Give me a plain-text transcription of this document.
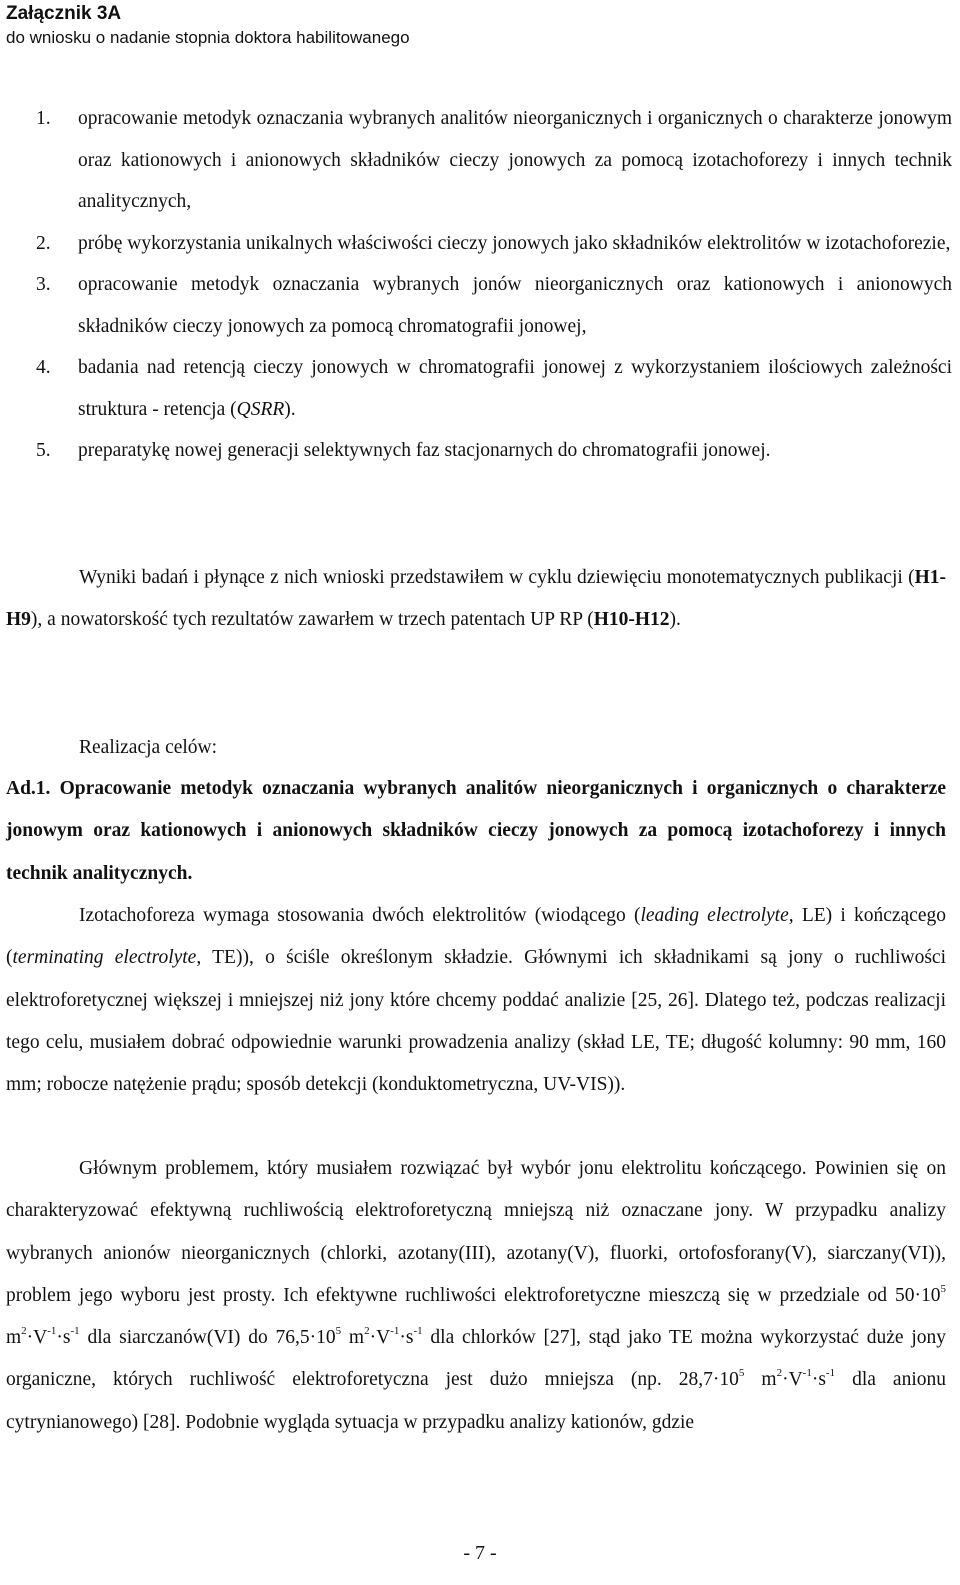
Załącznik 3A
do wniosku o nadanie stopnia doktora habilitowanego
1. opracowanie metodyk oznaczania wybranych analitów nieorganicznych i organicznych o charakterze jonowym oraz kationowych i anionowych składników cieczy jonowych za pomocą izotachoforezy i innych technik analitycznych,
2. próbę wykorzystania unikalnych właściwości cieczy jonowych jako składników elektrolitów w izotachoforezie,
3. opracowanie metodyk oznaczania wybranych jonów nieorganicznych oraz kationowych i anionowych składników cieczy jonowych za pomocą chromatografii jonowej,
4. badania nad retencją cieczy jonowych w chromatografii jonowej z wykorzystaniem ilościowych zależności struktura - retencja (QSRR).
5. preparatykę nowej generacji selektywnych faz stacjonarnych do chromatografii jonowej.

Wyniki badań i płynące z nich wnioski przedstawiłem w cyklu dziewięciu monotematycznych publikacji (H1-H9), a nowatorskość tych rezultatów zawarłem w trzech patentach UP RP (H10-H12).

Realizacja celów:

Ad.1. Opracowanie metodyk oznaczania wybranych analitów nieorganicznych i organicznych o charakterze jonowym oraz kationowych i anionowych składników cieczy jonowych za pomocą izotachoforezy i innych technik analitycznych.

Izotachoforeza wymaga stosowania dwóch elektrolitów (wiodącego (leading electrolyte, LE) i kończącego (terminating electrolyte, TE)), o ściśle określonym składzie. Głównymi ich składnikami są jony o ruchliwości elektroforetycznej większej i mniejszej niż jony które chcemy poddać analizie [25, 26]. Dlatego też, podczas realizacji tego celu, musiałem dobrać odpowiednie warunki prowadzenia analizy (skład LE, TE; długość kolumny: 90 mm, 160 mm; robocze natężenie prądu; sposób detekcji (konduktometryczna, UV-VIS)).

Głównym problemem, który musiałem rozwiązać był wybór jonu elektrolitu kończącego. Powinien się on charakteryzować efektywną ruchliwością elektroforetyczną mniejszą niż oznaczane jony. W przypadku analizy wybranych anionów nieorganicznych (chlorki, azotany(III), azotany(V), fluorki, ortofosforany(V), siarczany(VI)), problem jego wyboru jest prosty. Ich efektywne ruchliwości elektroforetyczne mieszczą się w przedziale od $50\cdot 10^5$ $m^2\cdot V^{-1}\cdot s^{-1}$ dla siarczanów(VI) do $76,5\cdot 10^5$ $m^2\cdot V^{-1}\cdot s^{-1}$ dla chlorków [27], stąd jako TE można wykorzystać duże jony organiczne, których ruchliwość elektroforetyczna jest dużo mniejsza (np. $28,7\cdot 10^5$ $m^2\cdot V^{-1}\cdot s^{-1}$ dla anionu cytrynianowego) [28]. Podobnie wygląda sytuacja w przypadku analizy kationów, gdzie

- 7 -
